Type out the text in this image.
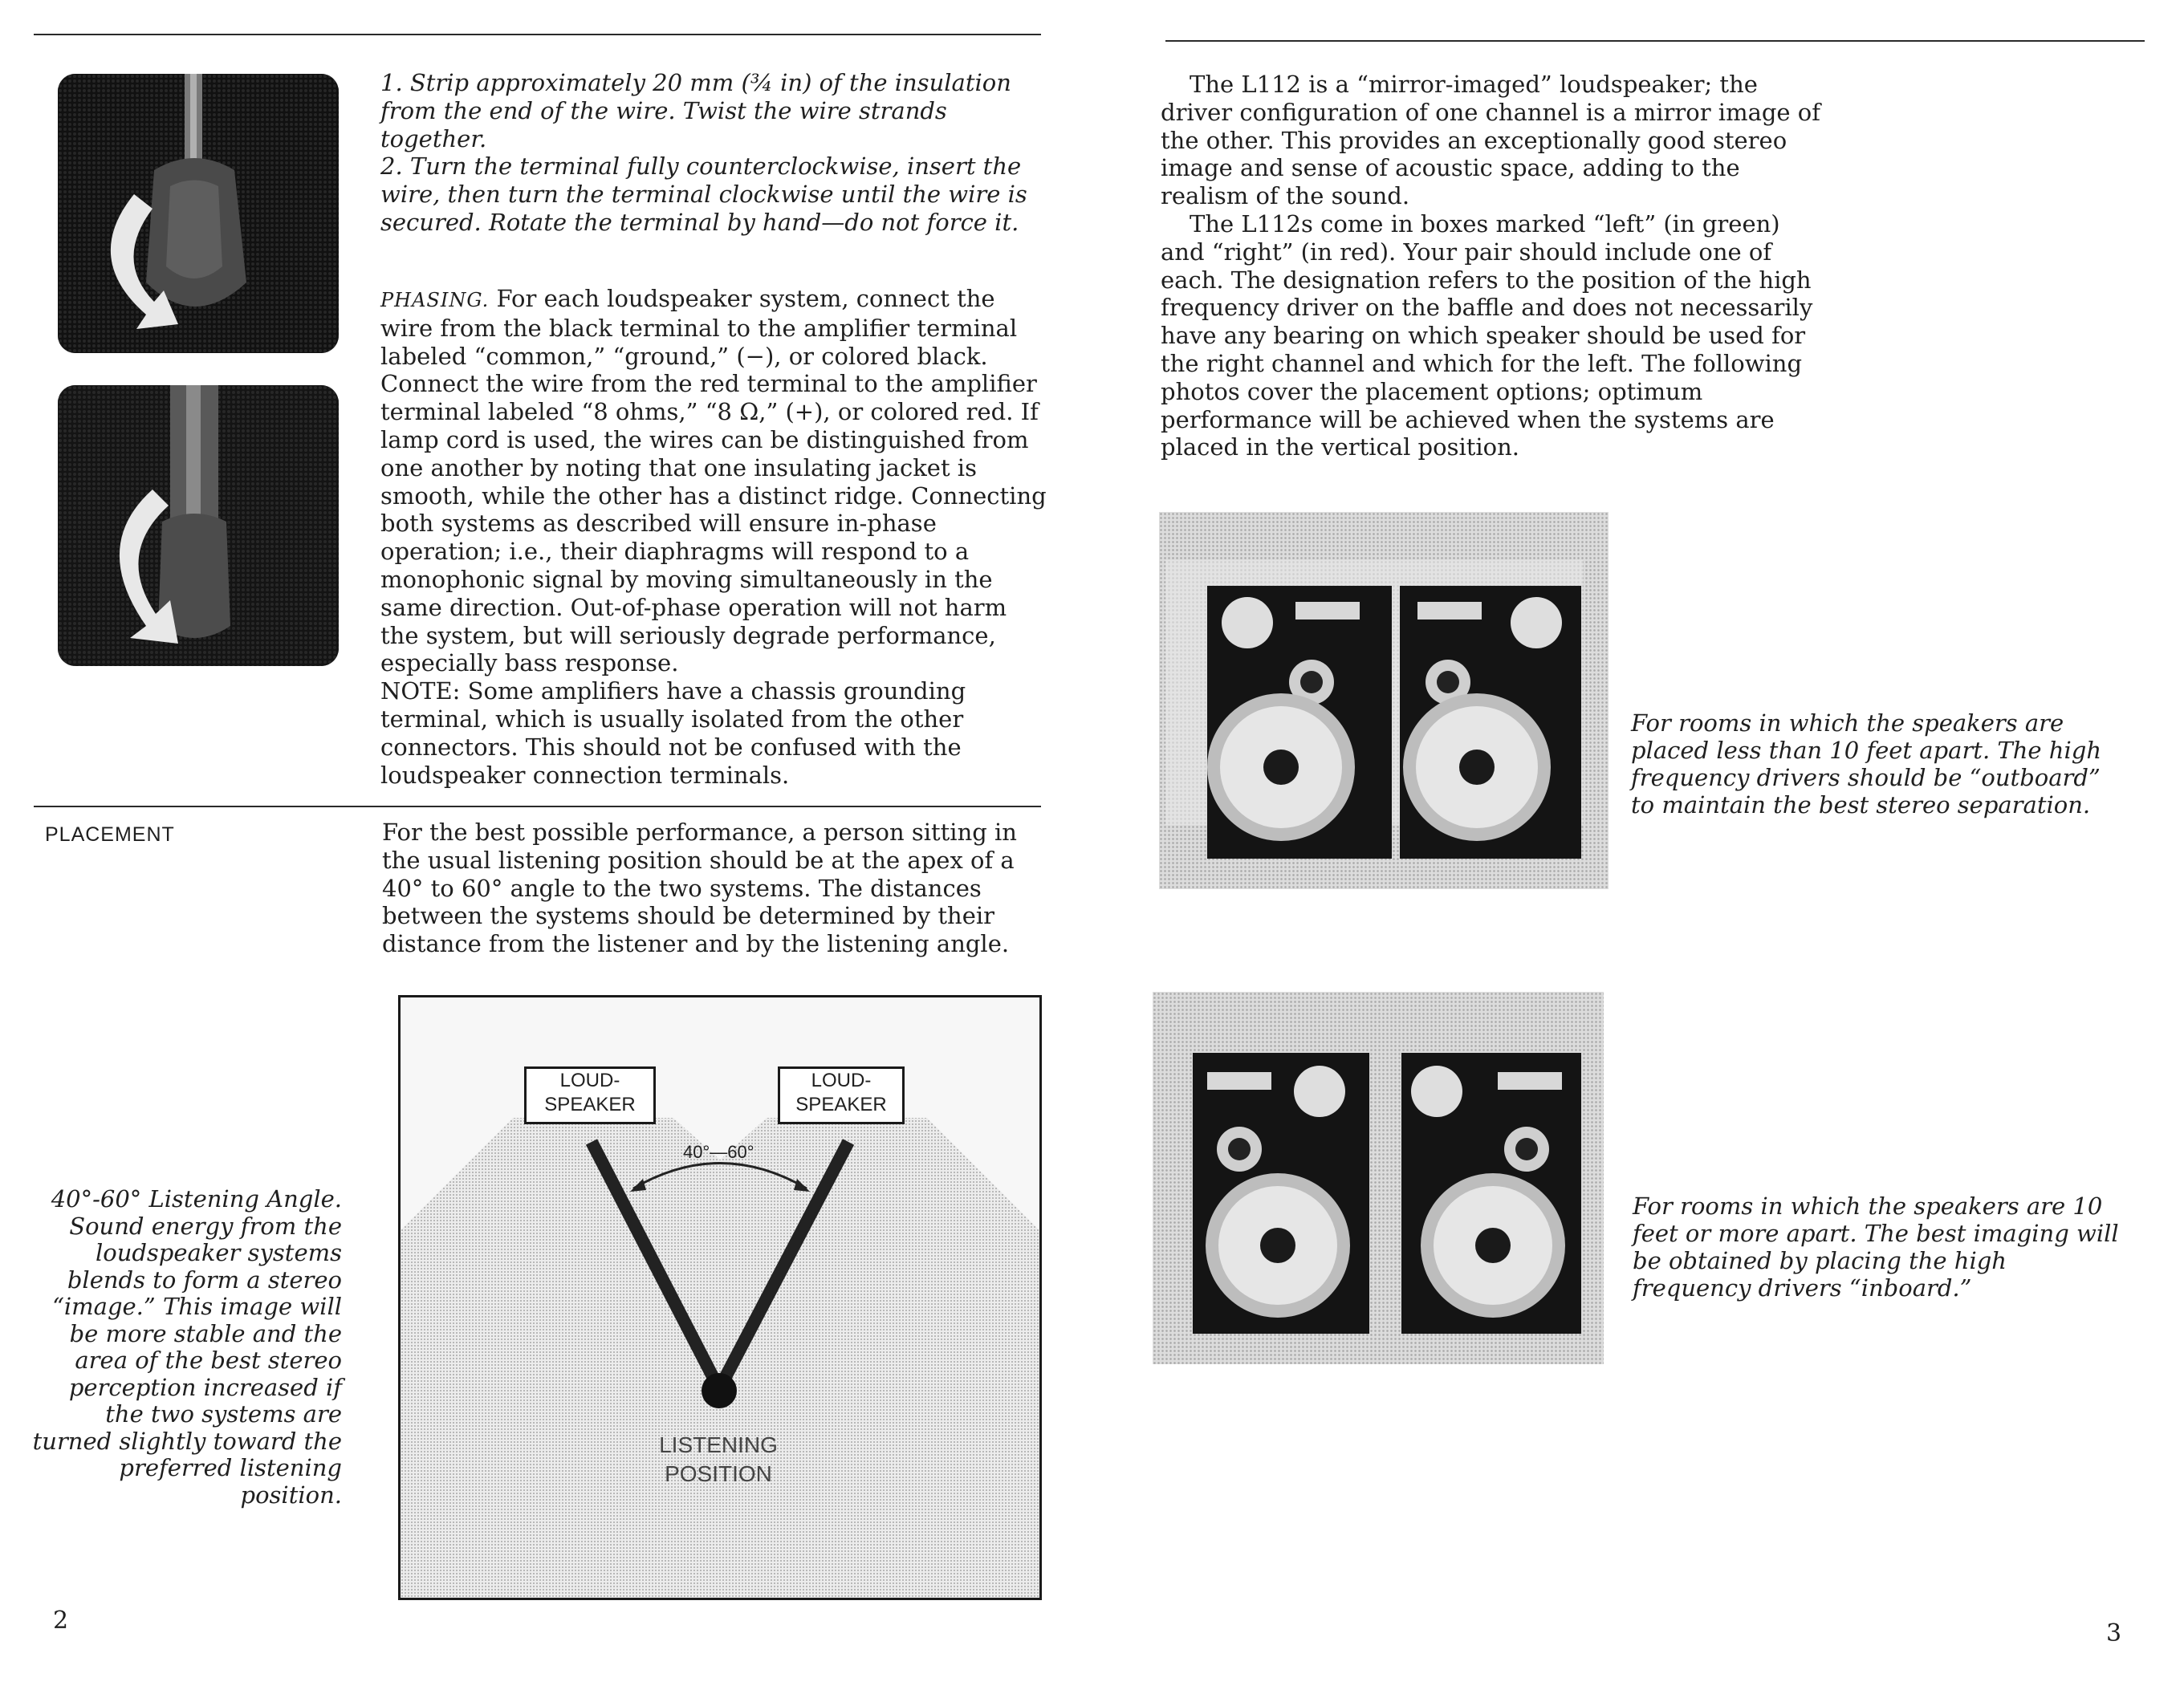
1. Strip approximately 20 mm (¾ in) of the insulation from the end of the wire. Twist the wire strands together.

2. Turn the terminal fully counterclockwise, insert the wire, then turn the terminal clockwise until the wire is secured. Rotate the terminal by hand—do not force it.

PHASING. For each loudspeaker system, connect the wire from the black terminal to the amplifier terminal labeled “common,” “ground,” (−), or colored black. Connect the wire from the red terminal to the amplifier terminal labeled “8 ohms,” “8 Ω,” (+), or colored red. If lamp cord is used, the wires can be distinguished from one another by noting that one insulating jacket is smooth, while the other has a distinct ridge. Connecting both systems as described will ensure in-phase operation; i.e., their diaphragms will respond to a monophonic signal by moving simultaneously in the same direction. Out-of-phase operation will not harm the system, but will seriously degrade performance, especially bass response.

NOTE: Some amplifiers have a chassis grounding terminal, which is usually isolated from the other connectors. This should not be confused with the loudspeaker connection terminals.

PLACEMENT	For the best possible performance, a person sitting in the usual listening position should be at the apex of a 40° to 60° angle to the two systems. The distances between the systems should be determined by their distance from the listener and by the listening angle.

LOUD-
SPEAKER
LOUD-
SPEAKER
40°—60°
LISTENING
POSITION
40°-60° Listening Angle.
Sound energy from the loudspeaker systems blends to form a stereo “image.” This image will be more stable and the area of the best stereo perception increased if the two systems are turned slightly toward the preferred listening position.
2

The L112 is a “mirror-imaged” loudspeaker; the driver configuration of one channel is a mirror image of the other. This provides an exceptionally good stereo image and sense of acoustic space, adding to the realism of the sound.

The L112s come in boxes marked “left” (in green) and “right” (in red). Your pair should include one of each. The designation refers to the position of the high frequency driver on the baffle and does not necessarily have any bearing on which speaker should be used for the right channel and which for the left. The following photos cover the placement options; optimum performance will be achieved when the systems are placed in the vertical position.

For rooms in which the speakers are placed less than 10 feet apart. The high frequency drivers should be “outboard” to maintain the best stereo separation.
For rooms in which the speakers are 10 feet or more apart. The best imaging will be obtained by placing the high frequency drivers “inboard.”
3
